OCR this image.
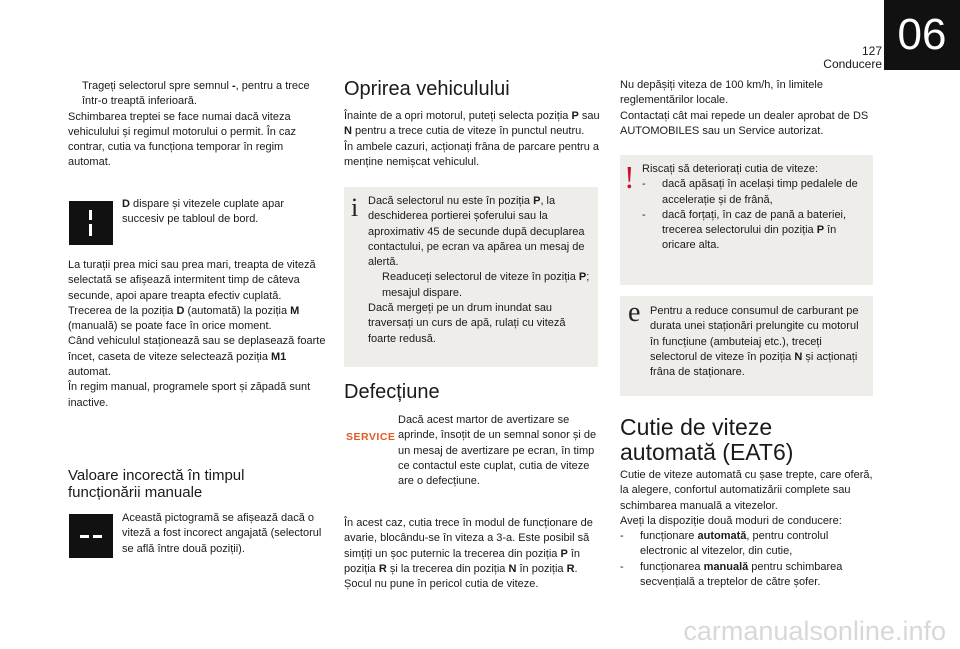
127
Conducere
06

Trageți selectorul spre semnul -, pentru a trece într-o treaptă inferioară.

Schimbarea treptei se face numai dacă viteza vehiculului și regimul motorului o permit. În caz contrar, cutia va funcționa temporar în regim automat.

D dispare și vitezele cuplate apar succesiv pe tabloul de bord.

La turații prea mici sau prea mari, treapta de viteză selectată se afișează intermitent timp de câteva secunde, apoi apare treapta efectiv cuplată.

Trecerea de la poziția D (automată) la poziția M (manuală) se poate face în orice moment.

Când vehiculul staționează sau se deplasează foarte încet, caseta de viteze selectează poziția M1 automat.

În regim manual, programele sport și zăpadă sunt inactive.

Valoare incorectă în timpul funcționării manuale

Această pictogramă se afișează dacă o viteză a fost incorect angajată (selectorul se află între două poziții).

Oprirea vehiculului

Înainte de a opri motorul, puteți selecta poziția P sau N pentru a trece cutia de viteze în punctul neutru.

În ambele cazuri, acționați frâna de parcare pentru a menține nemișcat vehiculul.

i Dacă selectorul nu este în poziția P, la deschiderea portierei șoferului sau la aproximativ 45 de secunde după decuplarea contactului, pe ecran va apărea un mesaj de alertă.

Readuceți selectorul de viteze în poziția P; mesajul dispare.

Dacă mergeți pe un drum inundat sau traversați un curs de apă, rulați cu viteză foarte redusă.

Defecțiune

SERVICE

Dacă acest martor de avertizare se aprinde, însoțit de un semnal sonor și de un mesaj de avertizare pe ecran, în timp ce contactul este cuplat, cutia de viteze are o defecțiune.

În acest caz, cutia trece în modul de funcționare de avarie, blocându-se în viteza a 3-a. Este posibil să simțiți un șoc puternic la trecerea din poziția P în poziția R și la trecerea din poziția N în poziția R. Șocul nu pune în pericol cutia de viteze.

Nu depășiți viteza de 100 km/h, în limitele reglementărilor locale.

Contactați cât mai repede un dealer aprobat de DS AUTOMOBILES sau un Service autorizat.

! Riscați să deteriorați cutia de viteze:

- dacă apăsați în același timp pedalele de accelerație și de frână,

- dacă forțați, în caz de pană a bateriei, trecerea selectorului din poziția P în oricare alta.

e Pentru a reduce consumul de carburant pe durata unei staționări prelungite cu motorul în funcțiune (ambuteiaj etc.), treceți selectorul de viteze în poziția N și acționați frâna de staționare.

Cutie de viteze automată (EAT6)

Cutie de viteze automată cu șase trepte, care oferă, la alegere, confortul automatizării complete sau schimbarea manuală a vitezelor.

Aveți la dispoziție două moduri de conducere:

- funcționare automată, pentru controlul electronic al vitezelor, din cutie,

- funcționarea manuală pentru schimbarea secvențială a treptelor de către șofer.

carmanualsonline.info
